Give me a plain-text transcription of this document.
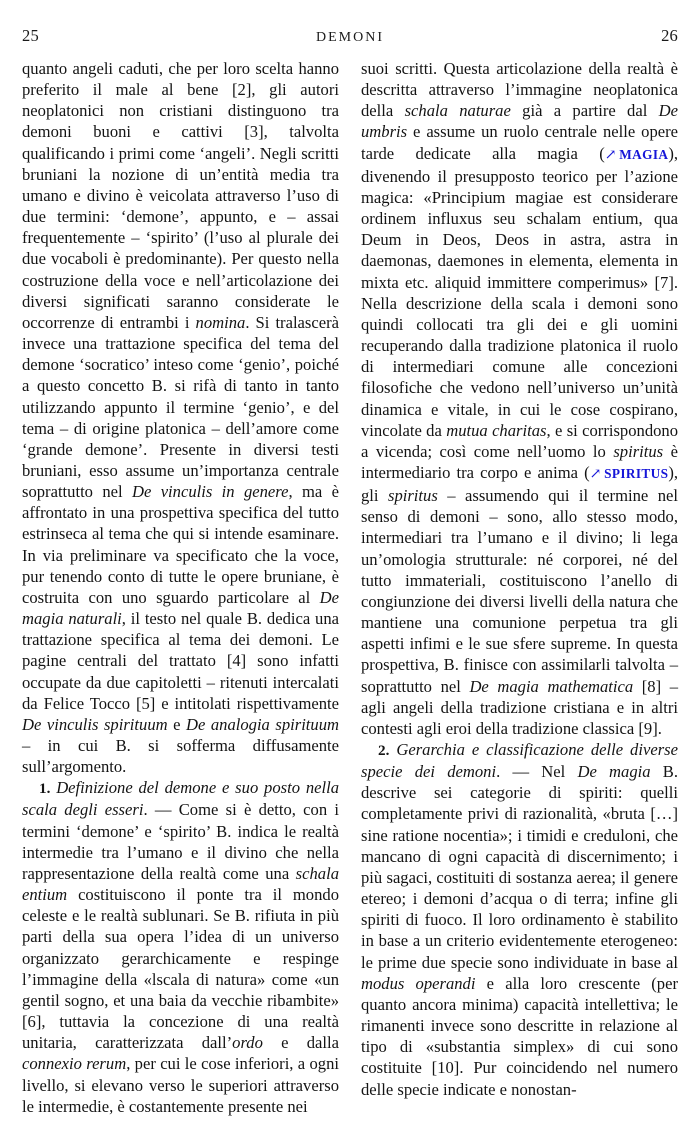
25	DEMONI	26

quanto angeli caduti, che per loro scelta hanno preferito il male al bene [2], gli autori neoplatonici non cristiani distinguono tra demoni buoni e cattivi [3], talvolta qualificando i primi come ‘angeli’. Negli scritti bruniani la nozione di un’entità media tra umano e divino è veicolata attraverso l’uso di due termini: ‘demone’, appunto, e – assai frequentemente – ‘spirito’ (l’uso al plurale dei due vocaboli è predominante). Per questo nella costruzione della voce e nell’articolazione dei diversi significati saranno considerate le occorrenze di entrambi i nomina. Si tralascerà invece una trattazione specifica del tema del demone ‘socratico’ inteso come ‘genio’, poiché a questo concetto B. si rifà di tanto in tanto utilizzando appunto il termine ‘genio’, e del tema – di origine platonica – dell’amore come ‘grande demone’. Presente in diversi testi bruniani, esso assume un’importanza centrale soprattutto nel De vinculis in genere, ma è affrontato in una prospettiva specifica del tutto estrinseca al tema che qui si intende esaminare. In via preliminare va specificato che la voce, pur tenendo conto di tutte le opere bruniane, è costruita con uno sguardo particolare al De magia naturali, il testo nel quale B. dedica una trattazione specifica al tema dei demoni. Le pagine centrali del trattato [4] sono infatti occupate da due capitoletti – ritenuti intercalati da Felice Tocco [5] e intitolati rispettivamente De vinculis spirituum e De analogia spirituum – in cui B. si sofferma diffusamente sull’argomento.

1. Definizione del demone e suo posto nella scala degli esseri. — Come si è detto, con i termini ‘demone’ e ‘spirito’ B. indica le realtà intermedie tra l’umano e il divino che nella rappresentazione della realtà come una schala entium costituiscono il ponte tra il mondo celeste e le realtà sublunari. Se B. rifiuta in più parti della sua opera l’idea di un universo organizzato gerarchicamente e respinge l’immagine della «lscala di natura» come «un gentil sogno, et una baia da vecchie ribambite» [6], tuttavia la concezione di una realtà unitaria, caratterizzata dall’ordo e dalla connexio rerum, per cui le cose inferiori, a ogni livello, si elevano verso le superiori attraverso le intermedie, è costantemente presente nei

suoi scritti. Questa articolazione della realtà è descritta attraverso l’immagine neoplatonica della schala naturae già a partire dal De umbris e assume un ruolo centrale nelle opere tarde dedicate alla magia (↗ MAGIA), divenendo il presupposto teorico per l’azione magica: «Principium magiae est considerare ordinem influxus seu schalam entium, qua Deum in Deos, Deos in astra, astra in daemonas, daemones in elementa, elementa in mixta etc. aliquid immittere comperimus» [7]. Nella descrizione della scala i demoni sono quindi collocati tra gli dei e gli uomini recuperando dalla tradizione platonica il ruolo di intermediari comune alle concezioni filosofiche che vedono nell’universo un’unità dinamica e vitale, in cui le cose cospirano, vincolate da mutua charitas, e si corrispondono a vicenda; così come nell’uomo lo spiritus è intermediario tra corpo e anima (↗ SPIRITUS), gli spiritus – assumendo qui il termine nel senso di demoni – sono, allo stesso modo, intermediari tra l’umano e il divino; li lega un’omologia strutturale: né corporei, né del tutto immateriali, costituiscono l’anello di congiunzione dei diversi livelli della natura che mantiene una comunione perpetua tra gli aspetti infimi e le sue sfere supreme. In questa prospettiva, B. finisce con assimilarli talvolta – soprattutto nel De magia mathematica [8] – agli angeli della tradizione cristiana e in altri contesti agli eroi della tradizione classica [9].

2. Gerarchia e classificazione delle diverse specie dei demoni. — Nel De magia B. descrive sei categorie di spiriti: quelli completamente privi di razionalità, «bruta […] sine ratione nocentia»; i timidi e creduloni, che mancano di ogni capacità di discernimento; i più sagaci, costituiti di sostanza aerea; il genere etereo; i demoni d’acqua o di terra; infine gli spiriti di fuoco. Il loro ordinamento è stabilito in base a un criterio evidentemente eterogeneo: le prime due specie sono individuate in base al modus operandi e alla loro crescente (per quanto ancora minima) capacità intellettiva; le rimanenti invece sono descritte in relazione al tipo di «substantia simplex» di cui sono costituite [10]. Pur coincidendo nel numero delle specie indicate e nonostan-
